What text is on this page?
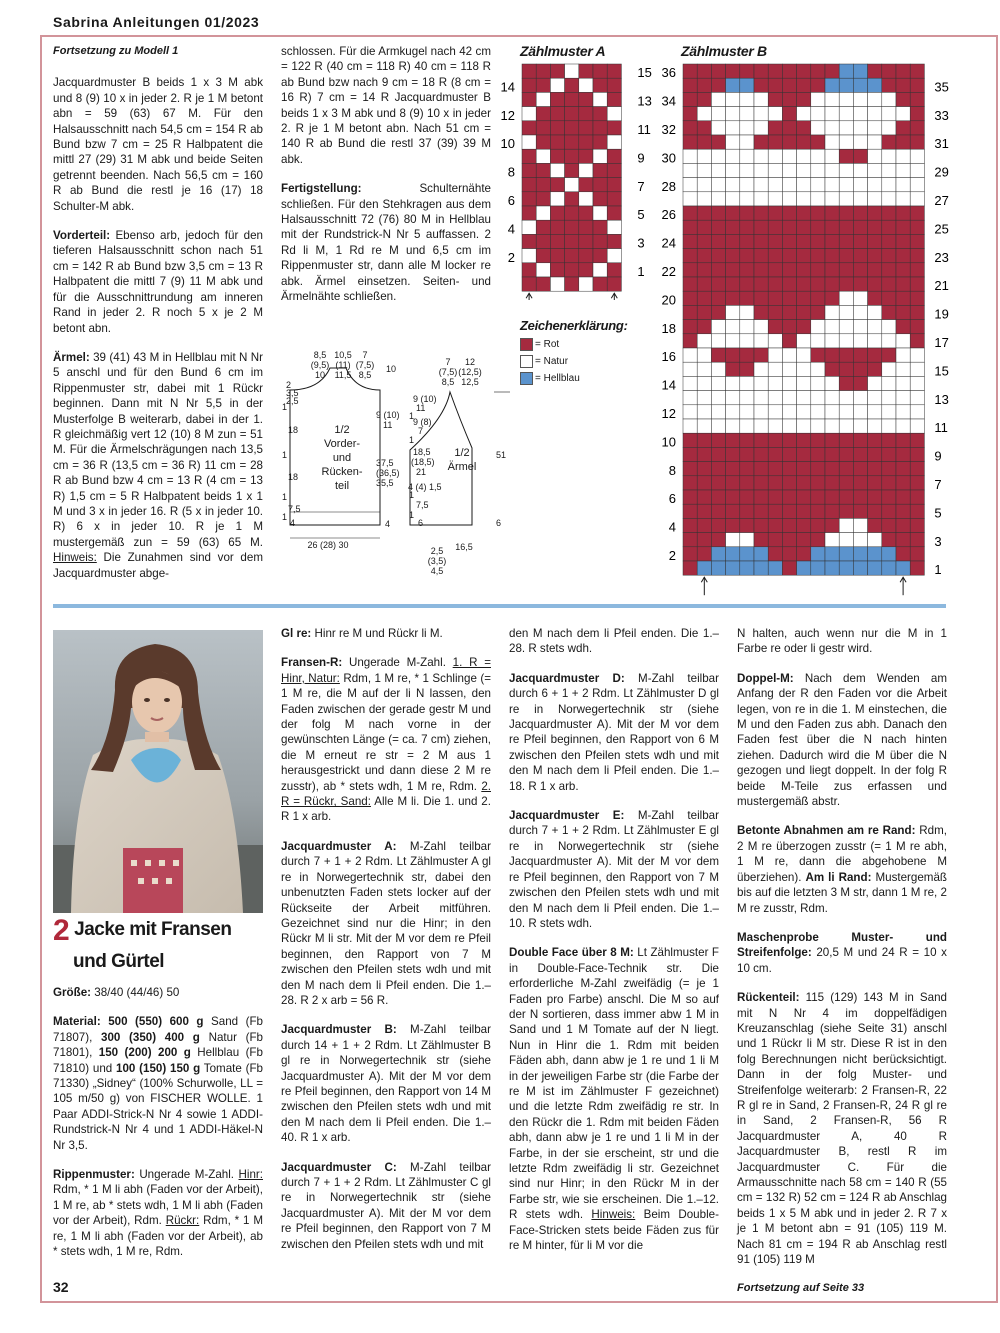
Sabrina Anleitungen 01/2023

Fortsetzung zu Modell 1

Jacquardmuster B beids 1 x 3 M abk und 8 (9) 10 x in jeder 2. R je 1 M betont abn = 59 (63) 67 M. Für den Halsausschnitt nach 54,5 cm = 154 R ab Bund bzw 7 cm = 25 R Halbpatent die mittl 27 (29) 31 M abk und beide Seiten getrennt beenden. Nach 56,5 cm = 160 R ab Bund die restl je 16 (17) 18 Schulter-M abk.

Vorderteil: Ebenso arb, jedoch für den tieferen Halsausschnitt schon nach 51 cm = 142 R ab Bund bzw 3,5 cm = 13 R Halbpatent die mittl 7 (9) 11 M abk und für die Ausschnittrundung am inneren Rand in jeder 2. R noch 5 x je 2 M betont abn.

Ärmel: 39 (41) 43 M in Hellblau mit N Nr 5 anschl und für den Bund 6 cm im Rippenmuster str, dabei mit 1 Rückr beginnen. Dann mit N Nr 5,5 in der Musterfolge B weiterarb, dabei in der 1. R gleichmäßig vert 12 (10) 8 M zun = 51 M. Für die Ärmelschrägungen nach 13,5 cm = 36 R (13,5 cm = 36 R) 11 cm = 28 R ab Bund bzw 4 cm = 13 R (4 cm = 13 R) 1,5 cm = 5 R Halbpatent beids 1 x 1 M und 3 x in jeder 16. R (5 x in jeder 10. R) 6 x in jeder 10. R je 1 M mustergemäß zun = 59 (63) 65 M. Hinweis: Die Zunahmen sind vor dem Jacquardmuster abge-

schlossen. Für die Armkugel nach 42 cm = 122 R (40 cm = 118 R) 40 cm = 118 R ab Bund bzw nach 9 cm = 18 R (8 cm = 16 R) 7 cm = 14 R Jacquardmuster B beids 1 x 3 M abk und 8 (9) 10 x in jeder 2. R je 1 M betont abn. Nach 51 cm = 140 R ab Bund die restl 37 (39) 39 M abk.

Fertigstellung:	Schulternähte schließen. Für den Stehkragen aus dem Halsausschnitt 72 (76) 80 M in Hellblau mit der Rundstrick-N Nr 5 auffassen. 2 Rd li M, 1 Rd re M und 6,5 cm im Rippenmuster str, dann alle M locker re abk. Ärmel einsetzen. Seiten- und Ärmelnähte schließen.

1/2
Vorder-
und
Rücken-
teil
8,5
(9,5)
10
10,5
(11)
11,5
7
(7,5)
8,5
2
3,5
2,5
1
18
1
18
1
7,5
1
4
10
9 (10)
11
37,5
(36,5)
35,5
4
26 (28) 30
1/2
Ärmel
7
(7,5)
8,5
12
(12,5)
12,5
9 (10)
11
1
9 (8)
7
1
18,5
(18,5)
21
4 (4) 1,5
1
7,5
1
6
51
6
2,5
(3,5)
4,5
16,5
Zählmuster A	Zählmuster B
14
12
10
8
6
4
2
15
13
11
9
7
5
3
1
36
34
32
30
28
26
24
22
20
18
16
14
12
10
8
6
4
2
35
33
31
29
27
25
23
21
19
17
15
13
11
9
7
5
3
1
Zeichenerklärung:
= Rot
= Natur
= Hellblau
2 Jacke mit Fransen
und Gürtel

Größe: 38/40 (44/46) 50

Material: 500 (550) 600 g Sand (Fb 71807), 300 (350) 400 g Natur (Fb 71801), 150 (200) 200 g Hellblau (Fb 71810) und 100 (150) 150 g Tomate (Fb 71330) „Sidney“ (100% Schurwolle, LL = 105 m/50 g) von FISCHER WOLLE. 1 Paar ADDI-Strick-N Nr 4 sowie 1 ADDI-Rundstrick-N Nr 4 und 1 ADDI-Häkel-N Nr 3,5.

Rippenmuster: Ungerade M-Zahl. Hinr: Rdm, * 1 M li abh (Faden vor der Arbeit), 1 M re, ab * stets wdh, 1 M li abh (Faden vor der Arbeit), Rdm. Rückr: Rdm, * 1 M re, 1 M li abh (Faden vor der Arbeit), ab * stets wdh, 1 M re, Rdm.

Gl re: Hinr re M und Rückr li M.

Fransen-R: Ungerade M-Zahl. 1. R = Hinr, Natur: Rdm, 1 M re, * 1 Schlinge (= 1 M re, die M auf der li N lassen, den Faden zwischen der gerade gestr M und der folg M nach vorne in der gewünschten Länge (= ca. 7 cm) ziehen, die M erneut re str = 2 M aus 1 herausgestrickt und dann diese 2 M re zusstr), ab * stets wdh, 1 M re, Rdm. 2. R = Rückr, Sand: Alle M li. Die 1. und 2. R 1 x arb.

Jacquardmuster A: M-Zahl teilbar durch 7 + 1 + 2 Rdm. Lt Zählmuster A gl re in Norwegertechnik str, dabei den unbenutzten Faden stets locker auf der Rückseite der Arbeit mitführen. Gezeichnet sind nur die Hinr; in den Rückr M li str. Mit der M vor dem re Pfeil beginnen, den Rapport von 7 M zwischen den Pfeilen stets wdh und mit den M nach dem li Pfeil enden. Die 1.–28. R 2 x arb = 56 R.

Jacquardmuster B: M-Zahl teilbar durch 14 + 1 + 2 Rdm. Lt Zählmuster B gl re in Norwegertechnik str (siehe Jacquardmuster A). Mit der M vor dem re Pfeil beginnen, den Rapport von 14 M zwischen den Pfeilen stets wdh und mit den M nach dem li Pfeil enden. Die 1.–40. R 1 x arb.

Jacquardmuster C: M-Zahl teilbar durch 7 + 1 + 2 Rdm. Lt Zählmuster C gl re in Norwegertechnik str (siehe Jacquardmuster A). Mit der M vor dem re Pfeil beginnen, den Rapport von 7 M zwischen den Pfeilen stets wdh und mit

den M nach dem li Pfeil enden. Die 1.–28. R stets wdh.

Jacquardmuster D: M-Zahl teilbar durch 6 + 1 + 2 Rdm. Lt Zählmuster D gl re in Norwegertechnik str (siehe Jacquardmuster A). Mit der M vor dem re Pfeil beginnen, den Rapport von 6 M zwischen den Pfeilen stets wdh und mit den M nach dem li Pfeil enden. Die 1.–18. R 1 x arb.

Jacquardmuster E: M-Zahl teilbar durch 7 + 1 + 2 Rdm. Lt Zählmuster E gl re in Norwegertechnik str (siehe Jacquardmuster A). Mit der M vor dem re Pfeil beginnen, den Rapport von 7 M zwischen den Pfeilen stets wdh und mit den M nach dem li Pfeil enden. Die 1.–10. R stets wdh.

Double Face über 8 M: Lt Zählmuster F in Double-Face-Technik str. Die erforderliche M-Zahl zweifädig (= je 1 Faden pro Farbe) anschl. Die M so auf der N sortieren, dass immer abw 1 M in Sand und 1 M Tomate auf der N liegt. Nun in Hinr die 1. Rdm mit beiden Fäden abh, dann abw je 1 re und 1 li M in der jeweiligen Farbe str (die Farbe der re M ist im Zählmuster F gezeichnet) und die letzte Rdm zweifädig re str. In den Rückr die 1. Rdm mit beiden Fäden abh, dann abw je 1 re und 1 li M in der Farbe, in der sie erscheint, str und die letzte Rdm zweifädig li str. Gezeichnet sind nur Hinr; in den Rückr M in der Farbe str, wie sie erscheinen. Die 1.–12. R stets wdh. Hinweis: Beim Double-Face-Stricken stets beide Fäden zus für re M hinter, für li M vor die

N halten, auch wenn nur die M in 1 Farbe re oder li gestr wird.

Doppel-M: Nach dem Wenden am Anfang der R den Faden vor die Arbeit legen, von re in die 1. M einstechen, die M und den Faden zus abh. Danach den Faden fest über die N nach hinten ziehen. Dadurch wird die M über die N gezogen und liegt doppelt. In der folg R beide M-Teile zus erfassen und mustergemäß abstr.

Betonte Abnahmen am re Rand: Rdm, 2 M re überzogen zusstr (= 1 M re abh, 1 M re, dann die abgehobene M überziehen). Am li Rand: Mustergemäß bis auf die letzten 3 M str, dann 1 M re, 2 M re zusstr, Rdm.

Maschenprobe Muster- und Streifenfolge: 20,5 M und 24 R = 10 x 10 cm.

Rückenteil: 115 (129) 143 M in Sand mit N Nr 4 im doppelfädigen Kreuzanschlag (siehe Seite 31) anschl und 1 Rückr li M str. Diese R ist in den folg Berechnungen nicht berücksichtigt. Dann in der folg Muster- und Streifenfolge weiterarb: 2 Fransen-R, 22 R gl re in Sand, 2 Fransen-R, 24 R gl re in Sand, 2 Fransen-R, 56 R Jacquardmuster A, 40 R Jacquardmuster B, restl R im Jacquardmuster C. Für die Armausschnitte nach 58 cm = 140 R (55 cm = 132 R) 52 cm = 124 R ab Anschlag beids 1 x 5 M abk und in jeder 2. R 7 x je 1 M betont abn = 91 (105) 119 M. Nach 81 cm = 194 R ab Anschlag restl 91 (105) 119 M

Fortsetzung auf Seite 33

32
